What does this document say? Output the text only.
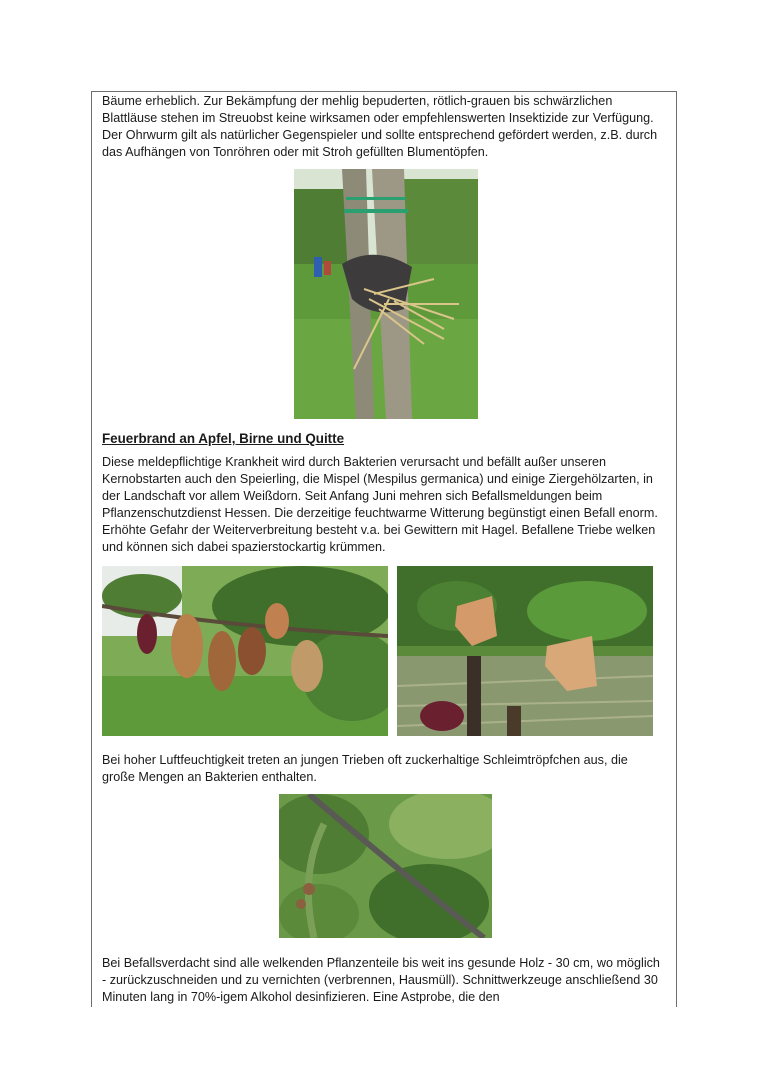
Bäume erheblich. Zur Bekämpfung der mehlig bepuderten, rötlich-grauen bis schwärzlichen Blattläuse stehen im Streuobst keine wirksamen oder empfehlenswerten Insektizide zur Verfügung. Der Ohrwurm gilt als natürlicher Gegenspieler und sollte entsprechend gefördert werden, z.B. durch das Aufhängen von Tonröhren oder mit Stroh gefüllten Blumentöpfen.

Feuerbrand an Apfel, Birne und Quitte

Diese meldepflichtige Krankheit wird durch Bakterien verursacht und befällt außer unseren Kernobstarten auch den Speierling, die Mispel (Mespilus germanica) und einige Ziergehölzarten, in der Landschaft vor allem Weißdorn. Seit Anfang Juni mehren sich Befallsmeldungen beim Pflanzenschutzdienst Hessen. Die derzeitige feuchtwarme Witterung begünstigt einen Befall enorm. Erhöhte Gefahr der Weiterverbreitung besteht v.a. bei Gewittern mit Hagel. Befallene Triebe welken und können sich dabei spazierstockartig krümmen.

Bei hoher Luftfeuchtigkeit treten an jungen Trieben oft zuckerhaltige Schleimtröpfchen aus, die große Mengen an Bakterien enthalten.

Bei Befallsverdacht sind alle welkenden Pflanzenteile bis weit ins gesunde Holz - 30 cm, wo möglich - zurückzuschneiden und zu vernichten (verbrennen, Hausmüll). Schnittwerkzeuge anschließend 30 Minuten lang in 70%-igem Alkohol desinfizieren. Eine Astprobe, die den
